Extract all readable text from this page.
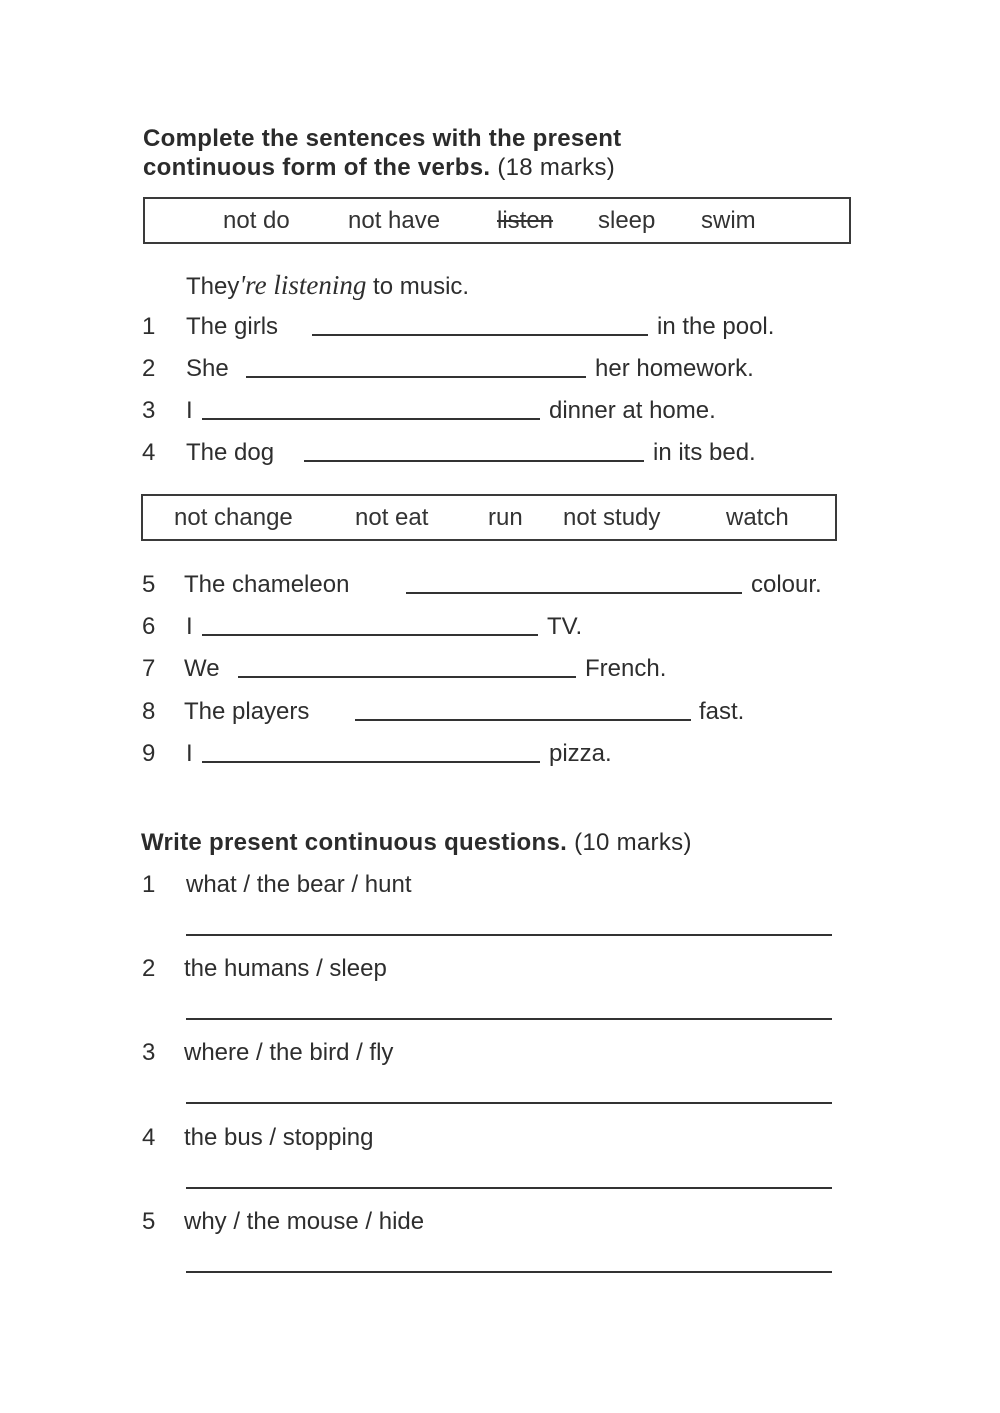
Complete the sentences with the present
continuous form of the verbs. (18 marks)
not do not have listen sleep swim
They're listening to music.
1 The girls	in the pool.
2 She	her homework.
3 I	dinner at home.
4 The dog	in its bed.
not change	not eat run not study	watch
5 The chameleon	colour.
6 I	TV.
7 We	French.
8 The players	fast.
9 I	pizza.
Write present continuous questions. (10 marks)
1 what / the bear / hunt
2 the humans / sleep
3 where / the bird / fly
4 the bus / stopping
5 why / the mouse / hide
